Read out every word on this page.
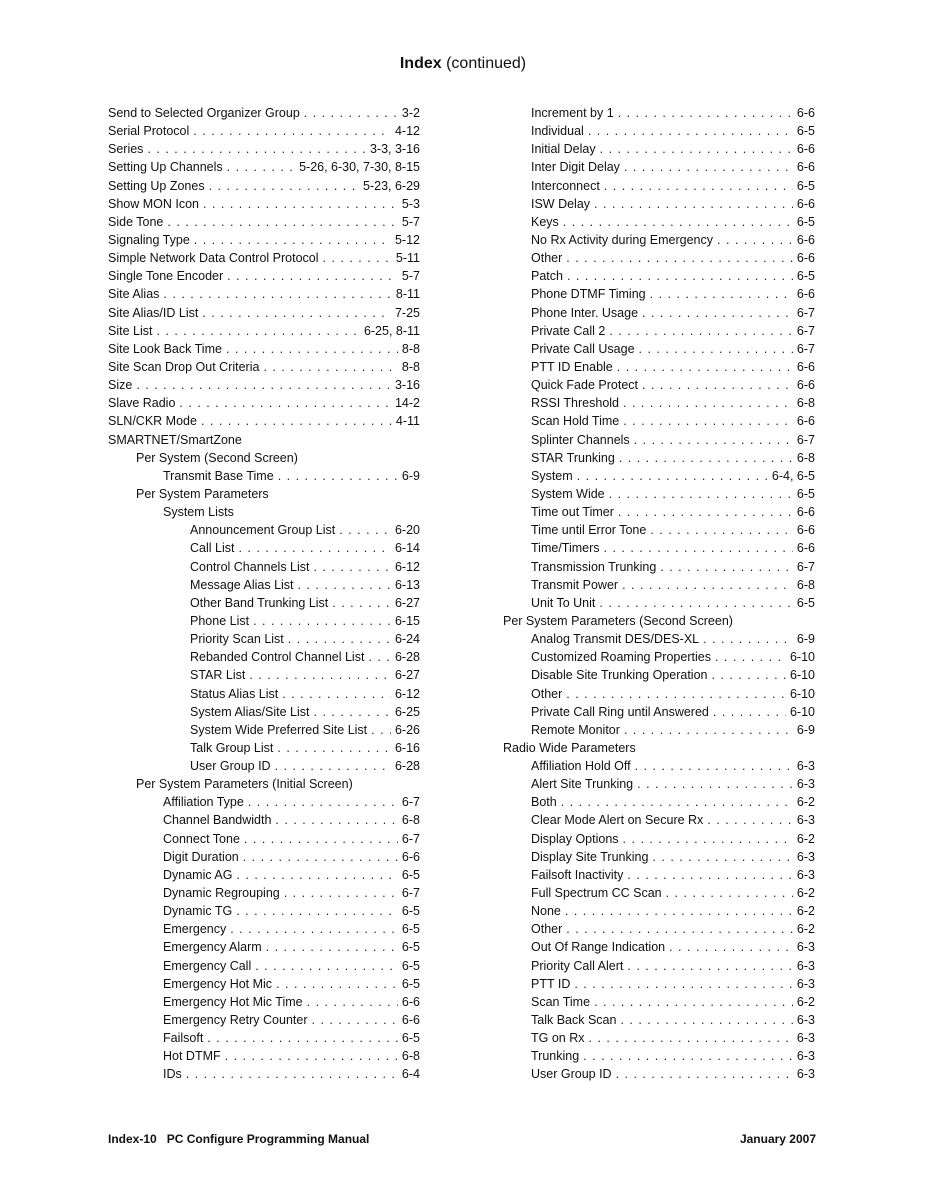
Index (continued)
Send to Selected Organizer Group . . .	3-2
Serial Protocol . . .	4-12
Series . . .	3-3, 3-16
Setting Up Channels . . .	5-26, 6-30, 7-30, 8-15
Setting Up Zones . . .	5-23, 6-29
Show MON Icon . . .	5-3
Side Tone . . .	5-7
Signaling Type . . .	5-12
Simple Network Data Control Protocol . . .	5-11
Single Tone Encoder . . .	5-7
Site Alias . . .	8-11
Site Alias/ID List . . .	7-25
Site List . . .	6-25, 8-11
Site Look Back Time . . .	8-8
Site Scan Drop Out Criteria . . .	8-8
Size . . .	3-16
Slave Radio . . .	14-2
SLN/CKR Mode . . .	4-11
SMARTNET/SmartZone
Per System (Second Screen)
Transmit Base Time . . .	6-9
Per System Parameters
System Lists
Announcement Group List . . .	6-20
Call List . . .	6-14
Control Channels List . . .	6-12
Message Alias List . . .	6-13
Other Band Trunking List . . .	6-27
Phone List . . .	6-15
Priority Scan List . . .	6-24
Rebanded Control Channel List . . . 6-28
STAR List . . .	6-27
Status Alias List . . .	6-12
System Alias/Site List . . .	6-25
System Wide Preferred Site List . . . 6-26
Talk Group List . . .	6-16
User Group ID . . .	6-28
Per System Parameters (Initial Screen)
Affiliation Type . . .	6-7
Channel Bandwidth . . .	6-8
Connect Tone . . .	6-7
Digit Duration . . .	6-6
Dynamic AG . . .	6-5
Dynamic Regrouping . . .	6-7
Dynamic TG . . .	6-5
Emergency . . .	6-5
Emergency Alarm . . .	6-5
Emergency Call . . .	6-5
Emergency Hot Mic . . .	6-5
Emergency Hot Mic Time . . .	6-6
Emergency Retry Counter . . .	6-6
Failsoft . . .	6-5
Hot DTMF . . .	6-8
IDs . . .	6-4
Increment by 1 . . .	6-6
Individual . . .	6-5
Initial Delay . . .	6-6
Inter Digit Delay . . .	6-6
Interconnect . . .	6-5
ISW Delay . . .	6-6
Keys . . .	6-5
No Rx Activity during Emergency . . .	6-6
Other . . .	6-6
Patch . . .	6-5
Phone DTMF Timing . . .	6-6
Phone Inter. Usage . . .	6-7
Private Call 2 . . .	6-7
Private Call Usage . . .	6-7
PTT ID Enable . . .	6-6
Quick Fade Protect . . .	6-6
RSSI Threshold . . .	6-8
Scan Hold Time . . .	6-6
Splinter Channels . . .	6-7
STAR Trunking . . .	6-8
System . . .	6-4, 6-5
System Wide . . .	6-5
Time out Timer . . .	6-6
Time until Error Tone . . .	6-6
Time/Timers . . .	6-6
Transmission Trunking . . .	6-7
Transmit Power . . .	6-8
Unit To Unit . . .	6-5
Per System Parameters (Second Screen)
Analog Transmit DES/DES-XL . . .	6-9
Customized Roaming Properties . . .	6-10
Disable Site Trunking Operation . . .	6-10
Other . . .	6-10
Private Call Ring until Answered . . .	6-10
Remote Monitor . . .	6-9
Radio Wide Parameters
Affiliation Hold Off . . .	6-3
Alert Site Trunking . . .	6-3
Both . . .	6-2
Clear Mode Alert on Secure Rx . . .	6-3
Display Options . . .	6-2
Display Site Trunking . . .	6-3
Failsoft Inactivity . . .	6-3
Full Spectrum CC Scan . . .	6-2
None . . .	6-2
Other . . .	6-2
Out Of Range Indication . . .	6-3
Priority Call Alert . . .	6-3
PTT ID . . .	6-3
Scan Time . . .	6-2
Talk Back Scan . . .	6-3
TG on Rx . . .	6-3
Trunking . . .	6-3
User Group ID . . .	6-3
Index-10 PC Configure Programming Manual	January 2007
